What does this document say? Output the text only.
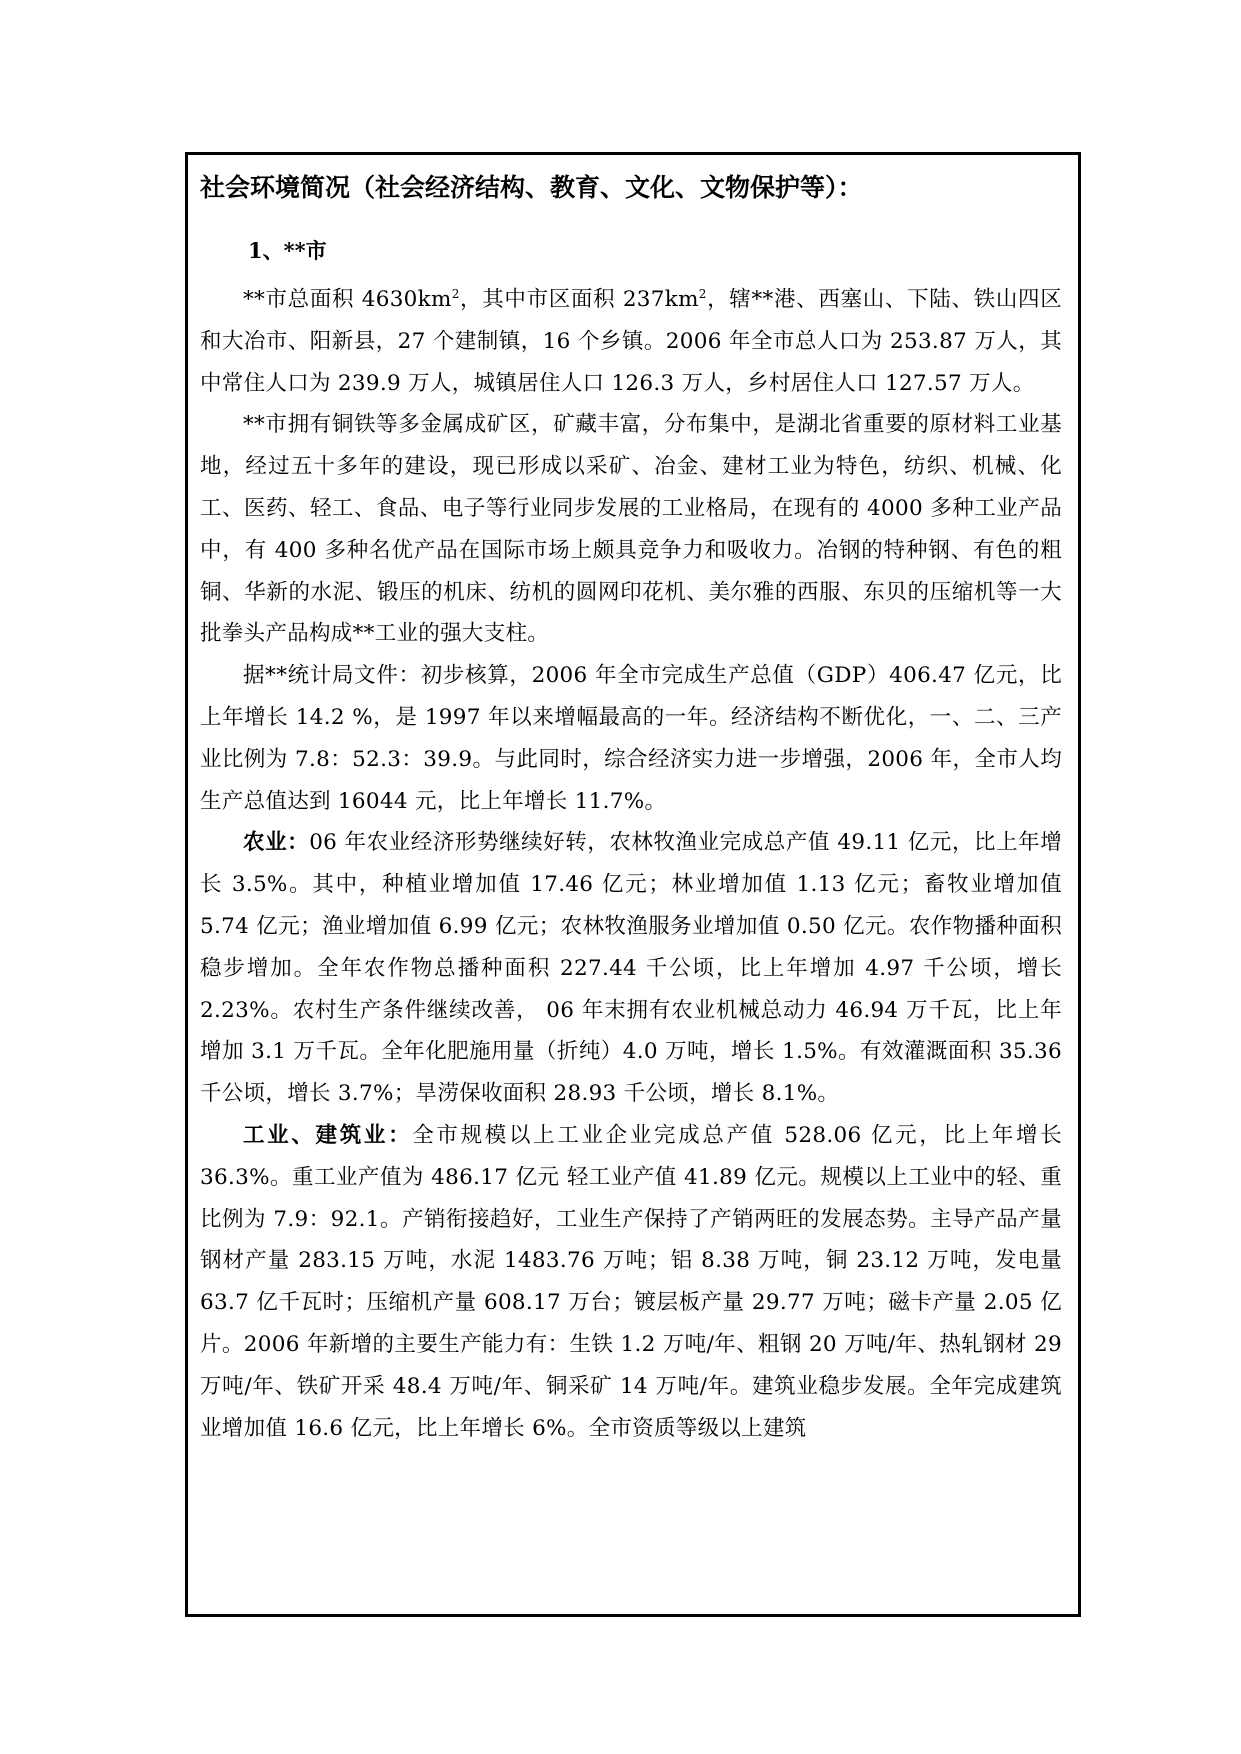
社会环境简况（社会经济结构、教育、文化、文物保护等）：
1、**市

**市总面积 $4630km^2$，其中市区面积 $237km^2$，辖**港、西塞山、下陆、铁山四区和大冶市、阳新县，27 个建制镇，16 个乡镇。2006 年全市总人口为 253.87 万人，其中常住人口为 239.9 万人，城镇居住人口 126.3 万人，乡村居住人口 127.57 万人。

**市拥有铜铁等多金属成矿区，矿藏丰富，分布集中，是湖北省重要的原材料工业基地，经过五十多年的建设，现已形成以采矿、冶金、建材工业为特色，纺织、机械、化工、医药、轻工、食品、电子等行业同步发展的工业格局，在现有的 4000 多种工业产品中，有 400 多种名优产品在国际市场上颇具竞争力和吸收力。冶钢的特种钢、有色的粗铜、华新的水泥、锻压的机床、纺机的圆网印花机、美尔雅的西服、东贝的压缩机等一大批拳头产品构成**工业的强大支柱。

据**统计局文件：初步核算，2006 年全市完成生产总值（GDP）406.47 亿元，比上年增长 14.2 %，是 1997 年以来增幅最高的一年。经济结构不断优化，一、二、三产业比例为 7.8：52.3：39.9。与此同时，综合经济实力进一步增强，2006 年，全市人均生产总值达到 16044 元，比上年增长 11.7%。

农业：06 年农业经济形势继续好转，农林牧渔业完成总产值 49.11 亿元，比上年增长 3.5%。其中，种植业增加值 17.46 亿元；林业增加值 1.13 亿元；畜牧业增加值 5.74 亿元；渔业增加值 6.99 亿元；农林牧渔服务业增加值 0.50 亿元。农作物播种面积稳步增加。全年农作物总播种面积 227.44 千公顷，比上年增加 4.97 千公顷，增长 2.23%。农村生产条件继续改善， 06 年末拥有农业机械总动力 46.94 万千瓦，比上年增加 3.1 万千瓦。全年化肥施用量（折纯）4.0 万吨，增长 1.5%。有效灌溉面积 35.36 千公顷，增长 3.7%；旱涝保收面积 28.93 千公顷，增长 8.1%。

工业、建筑业：全市规模以上工业企业完成总产值 528.06 亿元，比上年增长 36.3%。重工业产值为 486.17 亿元 轻工业产值 41.89 亿元。规模以上工业中的轻、重比例为 7.9：92.1。产销衔接趋好，工业生产保持了产销两旺的发展态势。主导产品产量钢材产量 283.15 万吨，水泥 1483.76 万吨；铝 8.38 万吨，铜 23.12 万吨，发电量 63.7 亿千瓦时；压缩机产量 608.17 万台；镀层板产量 29.77 万吨；磁卡产量 2.05 亿片。2006 年新增的主要生产能力有：生铁 1.2 万吨/年、粗钢 20 万吨/年、热轧钢材 29 万吨/年、铁矿开采 48.4 万吨/年、铜采矿 14 万吨/年。建筑业稳步发展。全年完成建筑业增加值 16.6 亿元，比上年增长 6%。全市资质等级以上建筑
